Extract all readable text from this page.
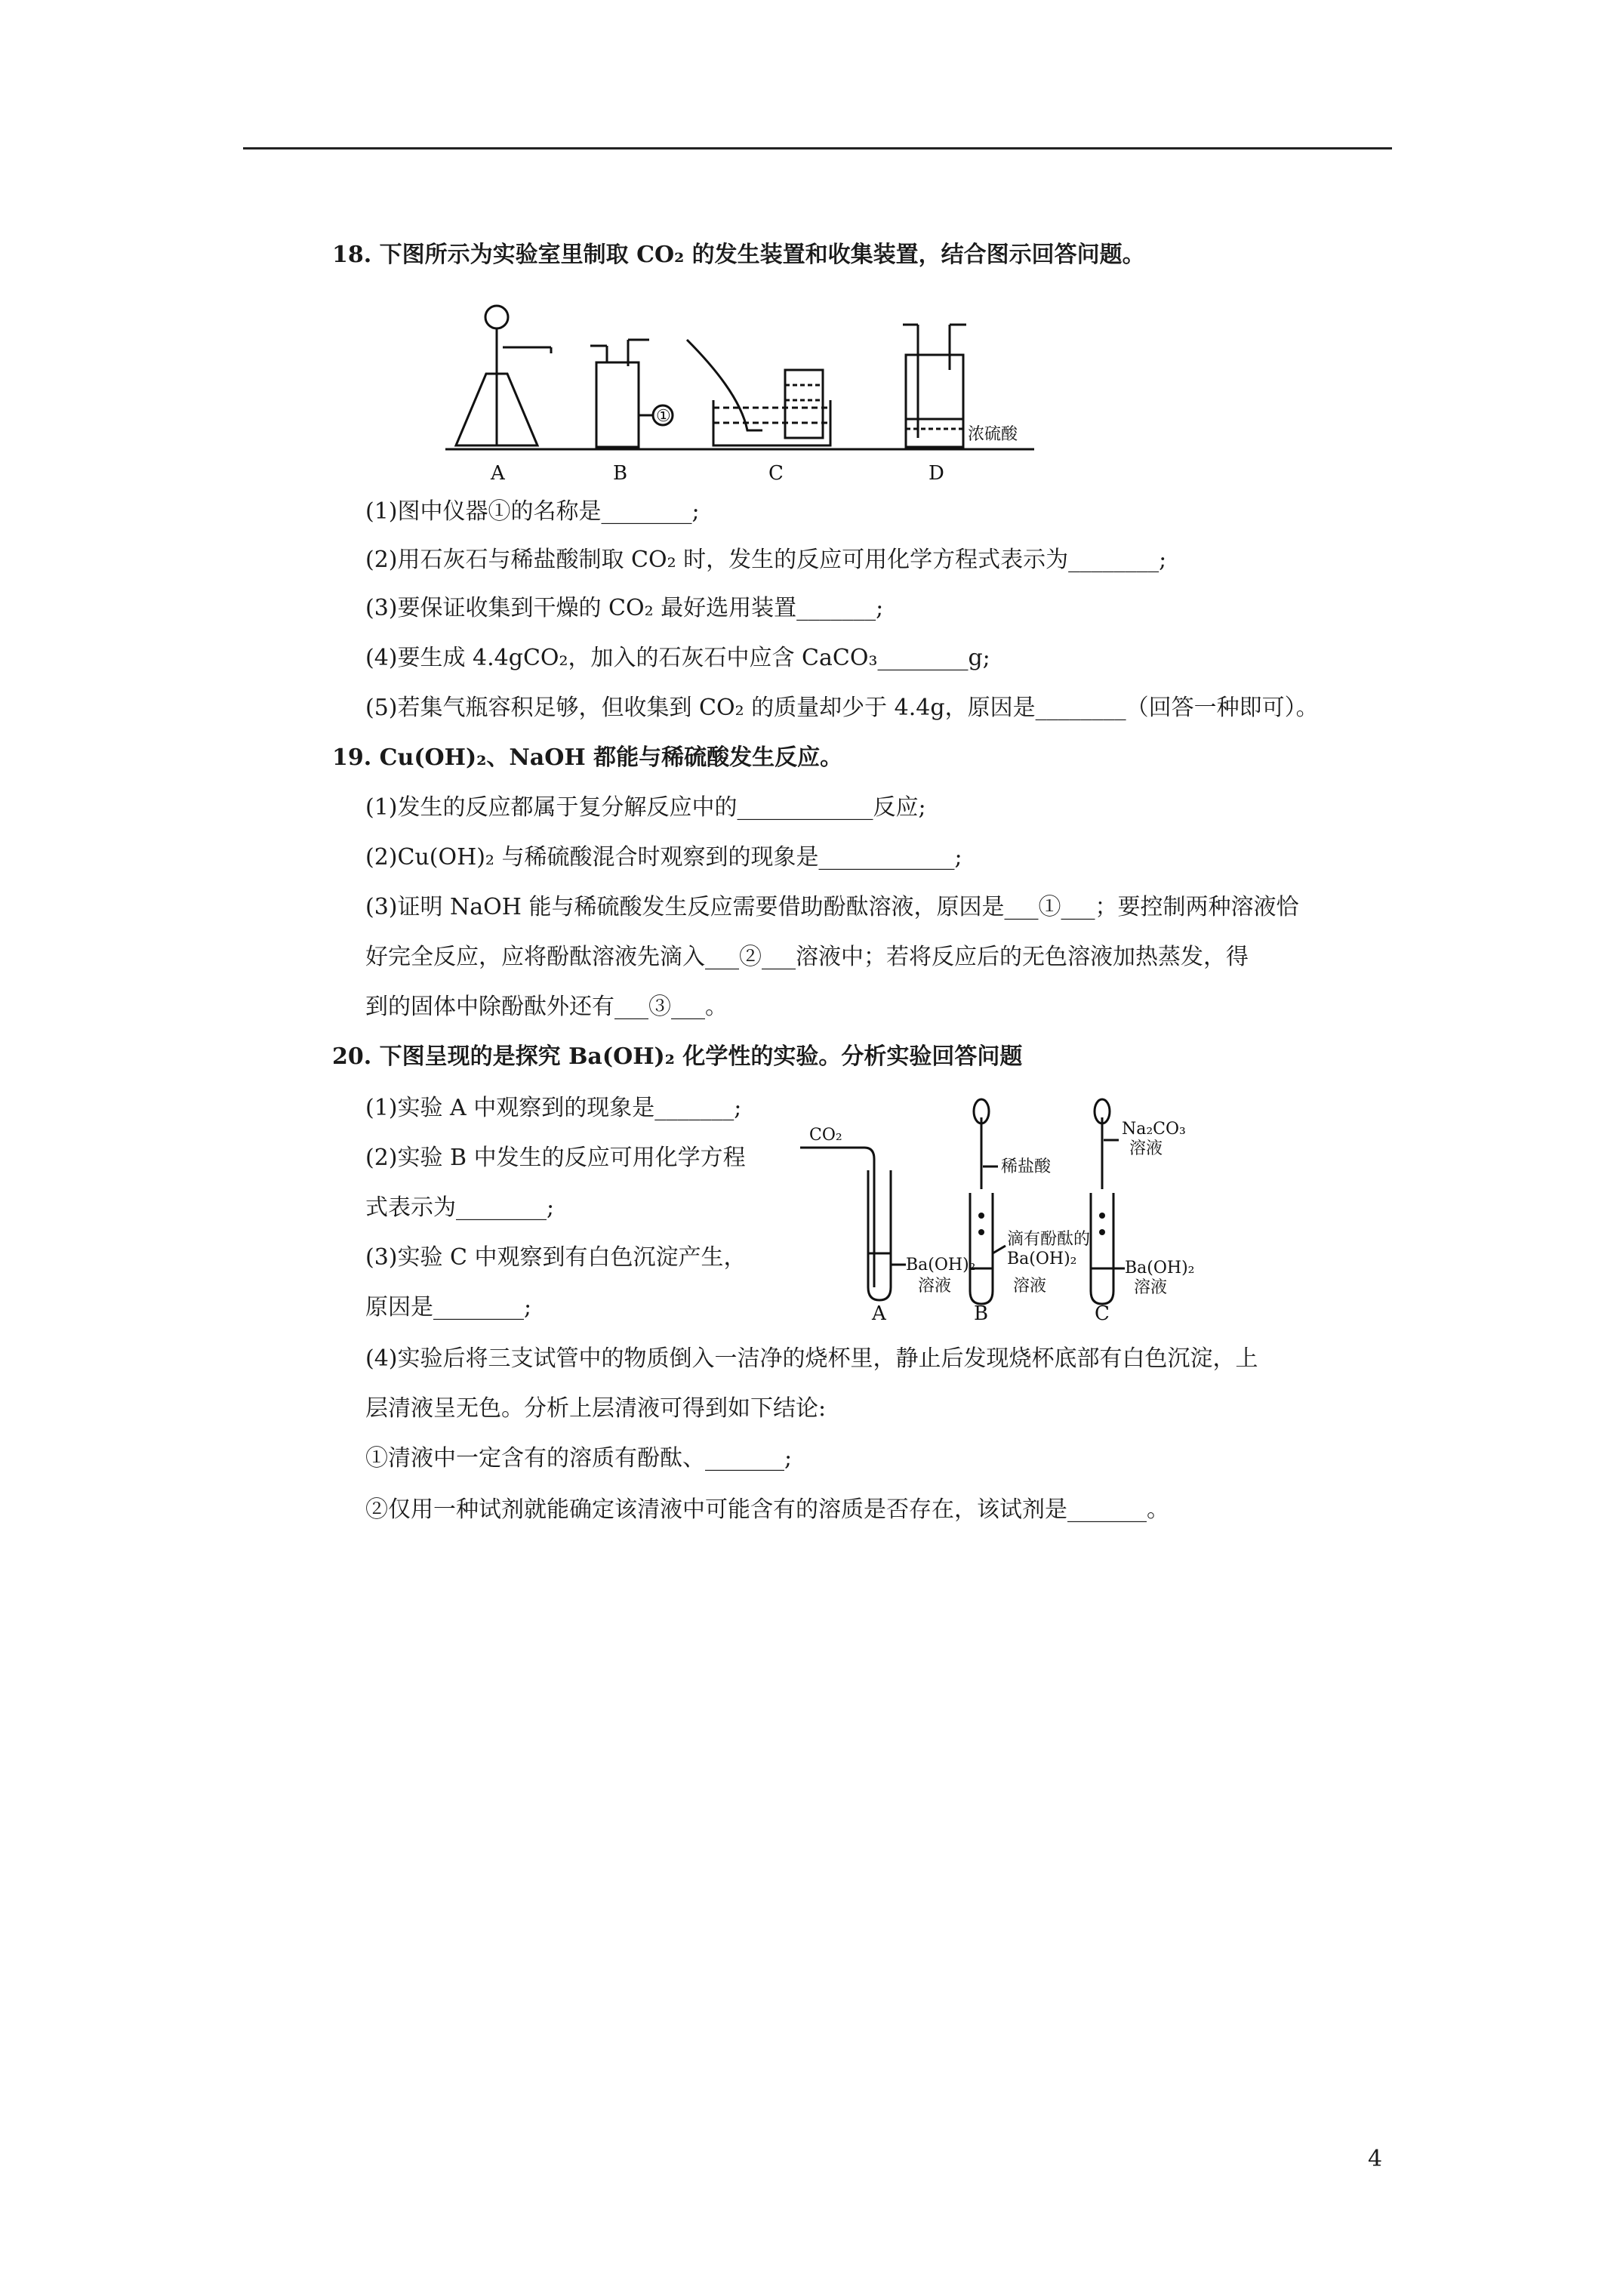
18. 下图所示为实验室里制取 CO₂ 的发生装置和收集装置，结合图示回答问题。
A	B	C	D
①
浓硫酸
(1)图中仪器①的名称是________;
(2)用石灰石与稀盐酸制取 CO₂ 时，发生的反应可用化学方程式表示为________;
(3)要保证收集到干燥的 CO₂ 最好选用装置_______;
(4)要生成 4.4gCO₂，加入的石灰石中应含 CaCO₃________g;
(5)若集气瓶容积足够，但收集到 CO₂ 的质量却少于 4.4g，原因是________（回答一种即可）。
19. Cu(OH)₂、NaOH 都能与稀硫酸发生反应。
(1)发生的反应都属于复分解反应中的____________反应;
(2)Cu(OH)₂ 与稀硫酸混合时观察到的现象是____________;
(3)证明 NaOH 能与稀硫酸发生反应需要借助酚酞溶液，原因是___①___；要控制两种溶液恰
好完全反应，应将酚酞溶液先滴入___②___溶液中；若将反应后的无色溶液加热蒸发，得
到的固体中除酚酞外还有___③___。
20. 下图呈现的是探究 Ba(OH)₂ 化学性的实验。分析实验回答问题
(1)实验 A 中观察到的现象是_______;
(2)实验 B 中发生的反应可用化学方程
式表示为________;
(3)实验 C 中观察到有白色沉淀产生，
原因是________;
CO₂
稀盐酸
Na₂CO₃
溶液
Ba(OH)₂
溶液
滴有酚酞的
Ba(OH)₂
溶液
Ba(OH)₂
溶液
A	B	C
(4)实验后将三支试管中的物质倒入一洁净的烧杯里，静止后发现烧杯底部有白色沉淀，上
层清液呈无色。分析上层清液可得到如下结论:
①清液中一定含有的溶质有酚酞、_______;
②仅用一种试剂就能确定该清液中可能含有的溶质是否存在，该试剂是_______。
4
